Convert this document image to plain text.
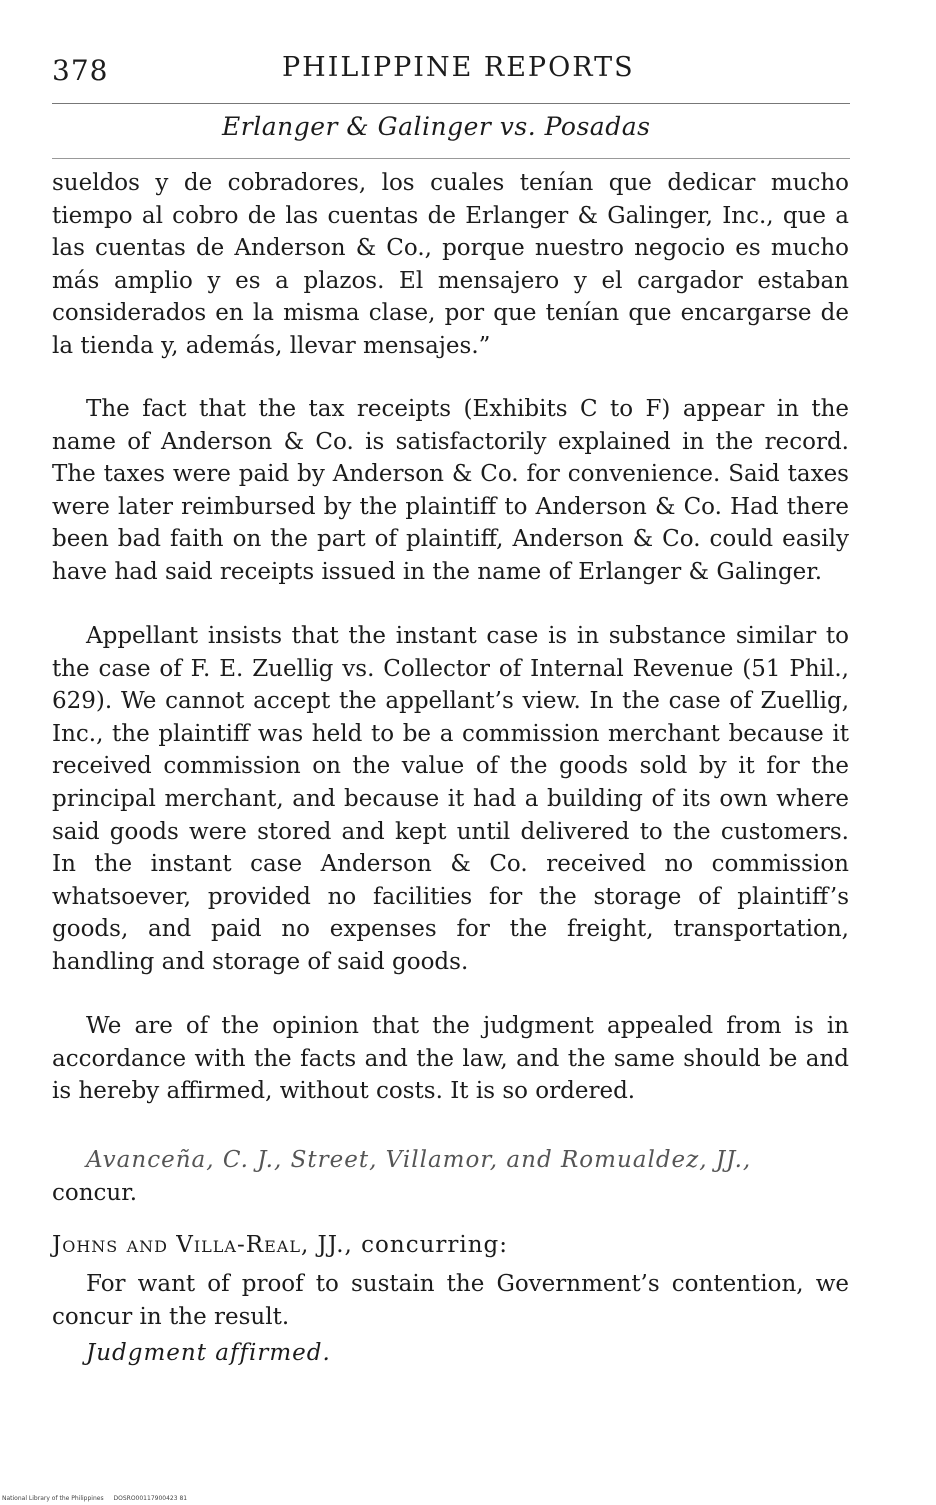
378	PHILIPPINE REPORTS
Erlanger & Galinger vs. Posadas

sueldos y de cobradores, los cuales tenían que dedicar mucho tiempo al cobro de las cuentas de Erlanger & Galinger, Inc., que a las cuentas de Anderson & Co., porque nuestro negocio es mucho más amplio y es a plazos. El mensajero y el cargador estaban considerados en la misma clase, por que tenían que encargarse de la tienda y, además, llevar mensajes.”

The fact that the tax receipts (Exhibits C to F) appear in the name of Anderson & Co. is satisfactorily explained in the record. The taxes were paid by Anderson & Co. for convenience. Said taxes were later reimbursed by the plaintiff to Anderson & Co. Had there been bad faith on the part of plaintiff, Anderson & Co. could easily have had said receipts issued in the name of Erlanger & Galinger.

Appellant insists that the instant case is in substance similar to the case of F. E. Zuellig vs. Collector of Internal Revenue (51 Phil., 629). We cannot accept the appellant’s view. In the case of Zuellig, Inc., the plaintiff was held to be a commission merchant because it received commission on the value of the goods sold by it for the principal merchant, and because it had a building of its own where said goods were stored and kept until delivered to the customers. In the instant case Anderson & Co. received no commission whatsoever, provided no facilities for the storage of plaintiff’s goods, and paid no expenses for the freight, transportation, handling and storage of said goods.

We are of the opinion that the judgment appealed from is in accordance with the facts and the law, and the same should be and is hereby affirmed, without costs. It is so ordered.

Avanceña, C. J., Street, Villamor, and Romualdez, JJ.,
concur.
Johns and Villa-Real, JJ., concurring:

For want of proof to sustain the Government’s contention, we concur in the result.

Judgment affirmed.
National Library of the Philippines DOSRO00117900423 81
